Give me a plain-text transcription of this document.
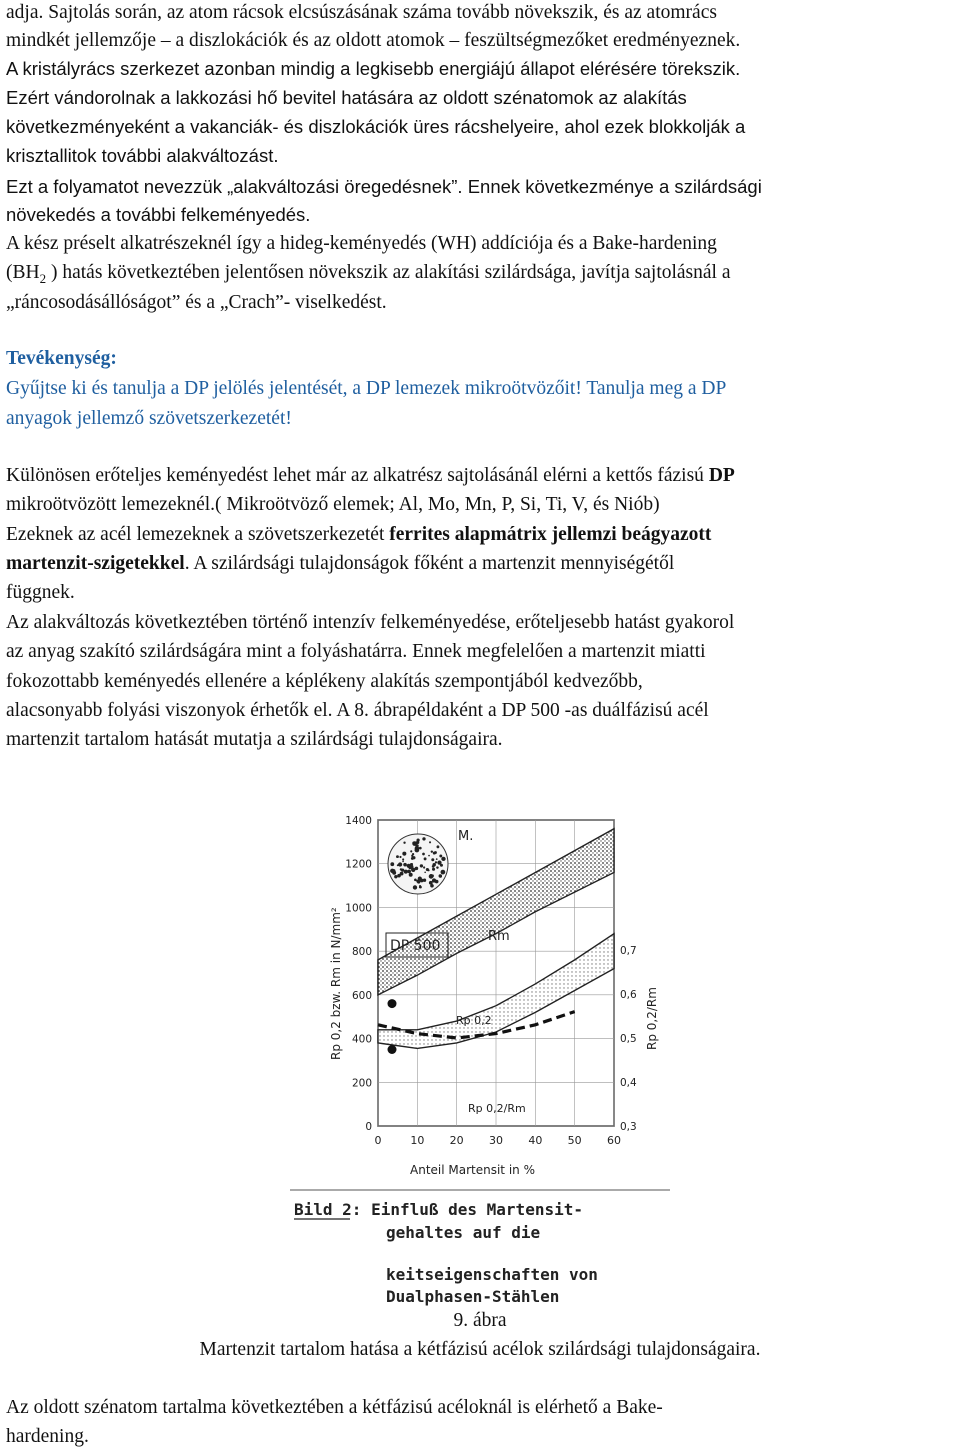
adja. Sajtolás során, az atom rácsok elcsúszásának száma tovább növekszik, és az atomrács

mindkét jellemzője – a diszlokációk és az oldott atomok – feszültségmezőket eredményeznek.

A kristályrács szerkezet azonban mindig a legkisebb energiájú állapot elérésére törekszik.

Ezért vándorolnak a lakkozási hő bevitel hatására az oldott szénatomok az alakítás

következményeként a vakanciák- és diszlokációk üres rácshelyeire, ahol ezek blokkolják a

krisztallitok további alakváltozást.

Ezt a folyamatot nevezzük „alakváltozási öregedésnek”. Ennek következménye a szilárdsági

növekedés a további felkeményedés.

A kész préselt alkatrészeknél így a hideg-keményedés (WH) addíciója és a Bake-hardening

($BH_2$ ) hatás következtében jelentősen növekszik az alakítási szilárdsága, javítja sajtolásnál a

„ráncosodásállóságot” és a „Crach”- viselkedést.

Tevékenység:

Gyűjtse ki és tanulja a DP jelölés jelentését, a DP lemezek mikroötvözőit! Tanulja meg a DP

anyagok jellemző szövetszerkezetét!

Különösen erőteljes keményedést lehet már az alkatrész sajtolásánál elérni a kettős fázisú DP

mikroötvözött lemezeknél.( Mikroötvöző elemek; Al, Mo, Mn, P, Si, Ti, V, és Niób)

Ezeknek az acél lemezeknek a szövetszerkezetét ferrites alapmátrix jellemzi beágyazott

martenzit-szigetekkel. A szilárdsági tulajdonságok főként a martenzit mennyiségétől

függnek.

Az alakváltozás következtében történő intenzív felkeményedése, erőteljesebb hatást gyakorol

az anyag szakító szilárdságára mint a folyáshatárra. Ennek megfelelően a martenzit miatti

fokozottabb keményedés ellenére a képlékeny alakítás szempontjából kedvezőbb,

alacsonyabb folyási viszonyok érhetők el. A 8. ábrapéldaként a DP 500 -as duálfázisú acél

martenzit tartalom hatását mutatja a szilárdsági tulajdonságaira.

0	10 20 30 40 50 60
0
200
400
600
800
1000
1200
1400
0,3
0,4
0,5
0,6
0,7
M.
DP 500
Rm
Rp 0,2
Rp 0,2/Rm
Rp 0,2 bzw. Rm in N/mm²	Rp 0,2/Rm
Anteil Martensit in %
Bild 2: Einfluß des Martensit-
gehaltes auf die
keitseigenschaften von
Dualphasen-Stählen

9. ábra

Martenzit tartalom hatása a kétfázisú acélok szilárdsági tulajdonságaira.

Az oldott szénatom tartalma következtében a kétfázisú acéloknál is elérhető a Bake-

hardening.
